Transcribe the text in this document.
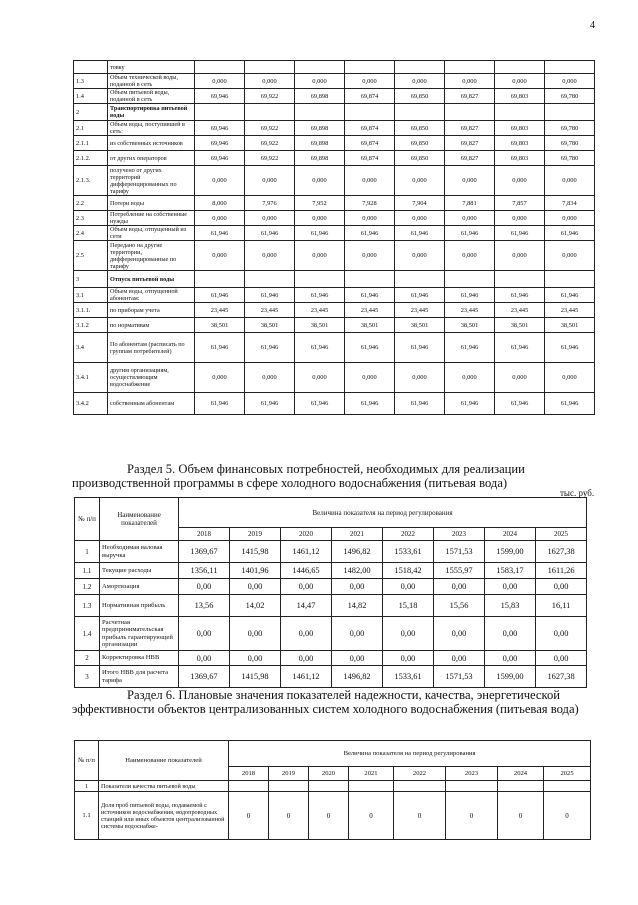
4
	товку								
1.3	Объем технической воды, поданной в сеть	0,000	0,000	0,000	0,000	0,000	0,000	0,000	0,000
1.4	Объем питьевой воды, поданной в сеть	69,946	69,922	69,898	69,874	69,850	69,827	69,803	69,780
2	Транспортировка питьевой воды								
2.1	Объем воды, поступившей в сеть:	69,946	69,922	69,898	69,874	69,850	69,827	69,803	69,780
2.1.1	из собственных источников	69,946	69,922	69,898	69,874	69,850	69,827	69,803	69,780
2.1.2.	от других операторов	69,946	69,922	69,898	69,874	69,850	69,827	69,803	69,780
2.1.3.	получено от других территорий дифференцированных по тарифу	0,000	0,000	0,000	0,000	0,000	0,000	0,000	0,000
2.2	Потери воды	8,000	7,976	7,952	7,928	7,904	7,881	7,857	7,834
2.3	Потребление на собственные нужды	0,000	0,000	0,000	0,000	0,000	0,000	0,000	0,000
2.4	Объем воды, отпущенный из сети	61,946	61,946	61,946	61,946	61,946	61,946	61,946	61,946
2.5	Передано на другие территории, дифференцированные по тарифу	0,000	0,000	0,000	0,000	0,000	0,000	0,000	0,000
3	Отпуск питьевой воды								
3.1	Объем воды, отпущенной абонентам:	61,946	61,946	61,946	61,946	61,946	61,946	61,946	61,946
3.1.1.	по приборам учета	23,445	23,445	23,445	23,445	23,445	23,445	23,445	23,445
3.1.2	по нормативам	38,501	38,501	38,501	38,501	38,501	38,501	38,501	38,501
3.4	По абонентам (расписать по группам потребителей)	61,946	61,946	61,946	61,946	61,946	61,946	61,946	61,946
3.4.1	другим организациям, осуществляющим водоснабжение	0,000	0,000	0,000	0,000	0,000	0,000	0,000	0,000
3.4.2	собственным абонентам	61,946	61,946	61,946	61,946	61,946	61,946	61,946	61,946
Раздел 5. Объем финансовых потребностей, необходимых для реализации производственной программы в сфере холодного водоснабжения (питьевая вода)
тыс. руб.
№ п/п	Наименование показателей	Величина показателя на период регулирования							
		2018	2019	2020	2021	2022	2023	2024	2025
1	Необходимая валовая выручка	1369,67	1415,98	1461,12	1496,82	1533,61	1571,53	1599,00	1627,38
1.1	Текущие расходы	1356,11	1401,96	1446,65	1482,00	1518,42	1555,97	1583,17	1611,26
1.2	Амортизация	0,00	0,00	0,00	0,00	0,00	0,00	0,00	0,00
1.3	Нормативная прибыль	13,56	14,02	14,47	14,82	15,18	15,56	15,83	16,11
1.4	Расчетная предпринимательская прибыль гарантирующей организации	0,00	0,00	0,00	0,00	0,00	0,00	0,00	0,00
2	Корректировка НВВ	0,00	0,00	0,00	0,00	0,00	0,00	0,00	0,00
3	Итого НВВ для расчета тарифа	1369,67	1415,98	1461,12	1496,82	1533,61	1571,53	1599,00	1627,38
Раздел 6. Плановые значения показателей надежности, качества, энергетической эффективности объектов централизованных систем холодного водоснабжения (питьевая вода)
№ п/п	Наименование показателей	Величина показателя на период регулирования							
		2018	2019	2020	2021	2022	2023	2024	2025
1	Показатели качества питьевой воды								
1.1	Доля проб питьевой воды, подаваемой с источников водоснабжения, водопроводных станций или иных объектов централизованной системы водоснабже-	0	0	0	0	0	0	0	0
